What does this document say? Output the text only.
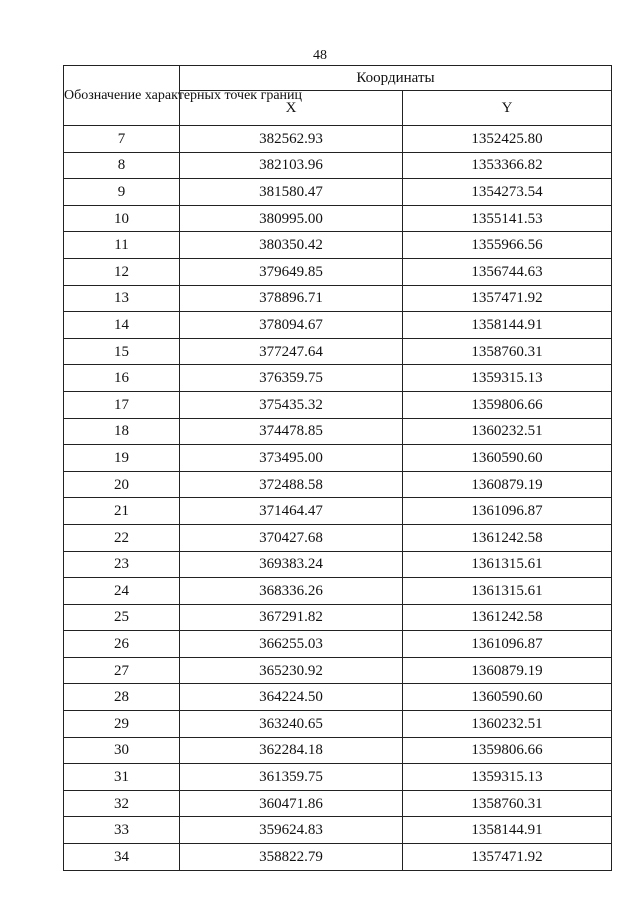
48
Обозначение характерных точек границ	Координаты	
	X	Y
7	382562.93	1352425.80
8	382103.96	1353366.82
9	381580.47	1354273.54
10	380995.00	1355141.53
11	380350.42	1355966.56
12	379649.85	1356744.63
13	378896.71	1357471.92
14	378094.67	1358144.91
15	377247.64	1358760.31
16	376359.75	1359315.13
17	375435.32	1359806.66
18	374478.85	1360232.51
19	373495.00	1360590.60
20	372488.58	1360879.19
21	371464.47	1361096.87
22	370427.68	1361242.58
23	369383.24	1361315.61
24	368336.26	1361315.61
25	367291.82	1361242.58
26	366255.03	1361096.87
27	365230.92	1360879.19
28	364224.50	1360590.60
29	363240.65	1360232.51
30	362284.18	1359806.66
31	361359.75	1359315.13
32	360471.86	1358760.31
33	359624.83	1358144.91
34	358822.79	1357471.92
